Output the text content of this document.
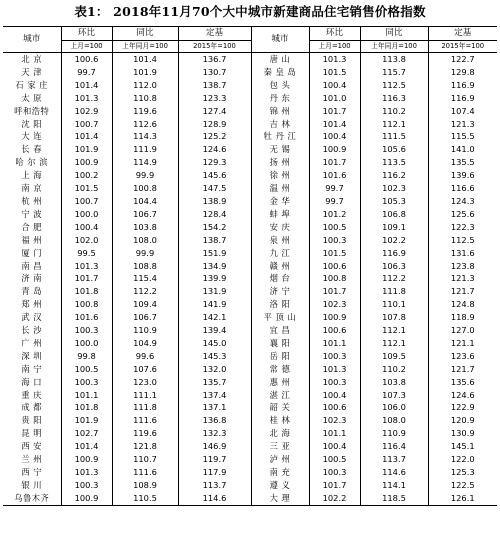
表1： 2018年11月70个大中城市新建商品住宅销售价格指数
城市	环比	同比	定基	城市	环比	同比	定基
	上月=100	上年同月=100	2015年=100		上月=100	上年同月=100	2015年=100
北 京	100.6	101.4	136.7	唐 山	101.3	113.8	122.7
天 津	99.7	101.9	130.7	秦 皇 岛	101.5	115.7	129.8
石 家 庄	101.4	112.0	138.7	包 头	100.4	112.5	116.9
太 原	101.3	110.8	123.3	丹 东	101.0	116.3	116.9
呼和浩特	102.9	119.6	127.4	锦 州	101.7	110.2	107.4
沈 阳	100.7	112.6	128.9	吉 林	101.4	112.1	121.3
大 连	101.4	114.3	125.2	牡 丹 江	100.4	111.5	115.5
长 春	101.9	111.9	124.6	无 锡	100.9	105.6	141.0
哈 尔 滨	100.9	114.9	129.3	扬 州	101.7	113.5	135.5
上 海	100.2	99.9	145.6	徐 州	101.6	116.2	139.6
南 京	101.5	100.8	147.5	温 州	99.7	102.3	116.6
杭 州	100.7	104.4	138.9	金 华	99.7	105.3	124.3
宁 波	100.0	106.7	128.4	蚌 埠	101.2	106.8	125.6
合 肥	100.4	103.8	154.2	安 庆	100.5	109.1	122.3
福 州	102.0	108.0	138.7	泉 州	100.3	102.2	112.5
厦 门	99.5	99.9	151.9	九 江	101.5	116.9	131.6
南 昌	101.3	108.8	134.9	赣 州	100.6	106.3	123.8
济 南	101.7	115.4	139.9	烟 台	100.8	112.2	121.3
青 岛	101.8	112.2	131.9	济 宁	101.7	111.8	121.7
郑 州	100.8	109.4	141.9	洛 阳	102.3	110.1	124.8
武 汉	101.6	106.7	142.1	平 顶 山	100.9	107.8	118.9
长 沙	100.3	110.9	139.4	宜 昌	100.6	112.1	127.0
广 州	100.0	104.9	145.0	襄 阳	101.1	112.1	121.1
深 圳	99.8	99.6	145.3	岳 阳	100.3	109.5	123.6
南 宁	100.5	107.6	132.0	常 德	101.3	110.2	121.7
海 口	100.3	123.0	135.7	惠 州	100.3	103.8	135.6
重 庆	101.1	111.1	137.4	湛 江	100.4	107.3	124.6
成 都	101.8	111.8	137.1	韶 关	100.6	106.0	122.9
贵 阳	101.9	111.6	136.8	桂 林	102.3	108.0	120.9
昆 明	102.7	119.6	132.3	北 海	101.1	110.9	130.9
西 安	101.4	121.8	146.9	三 亚	100.4	116.4	145.1
兰 州	100.9	110.7	119.7	泸 州	100.5	113.7	122.0
西 宁	101.3	111.6	117.9	南 充	100.3	114.6	125.3
银 川	100.3	108.9	113.7	遵 义	101.7	114.1	122.5
乌鲁木齐	100.9	110.5	114.6	大 理	102.2	118.5	126.1
